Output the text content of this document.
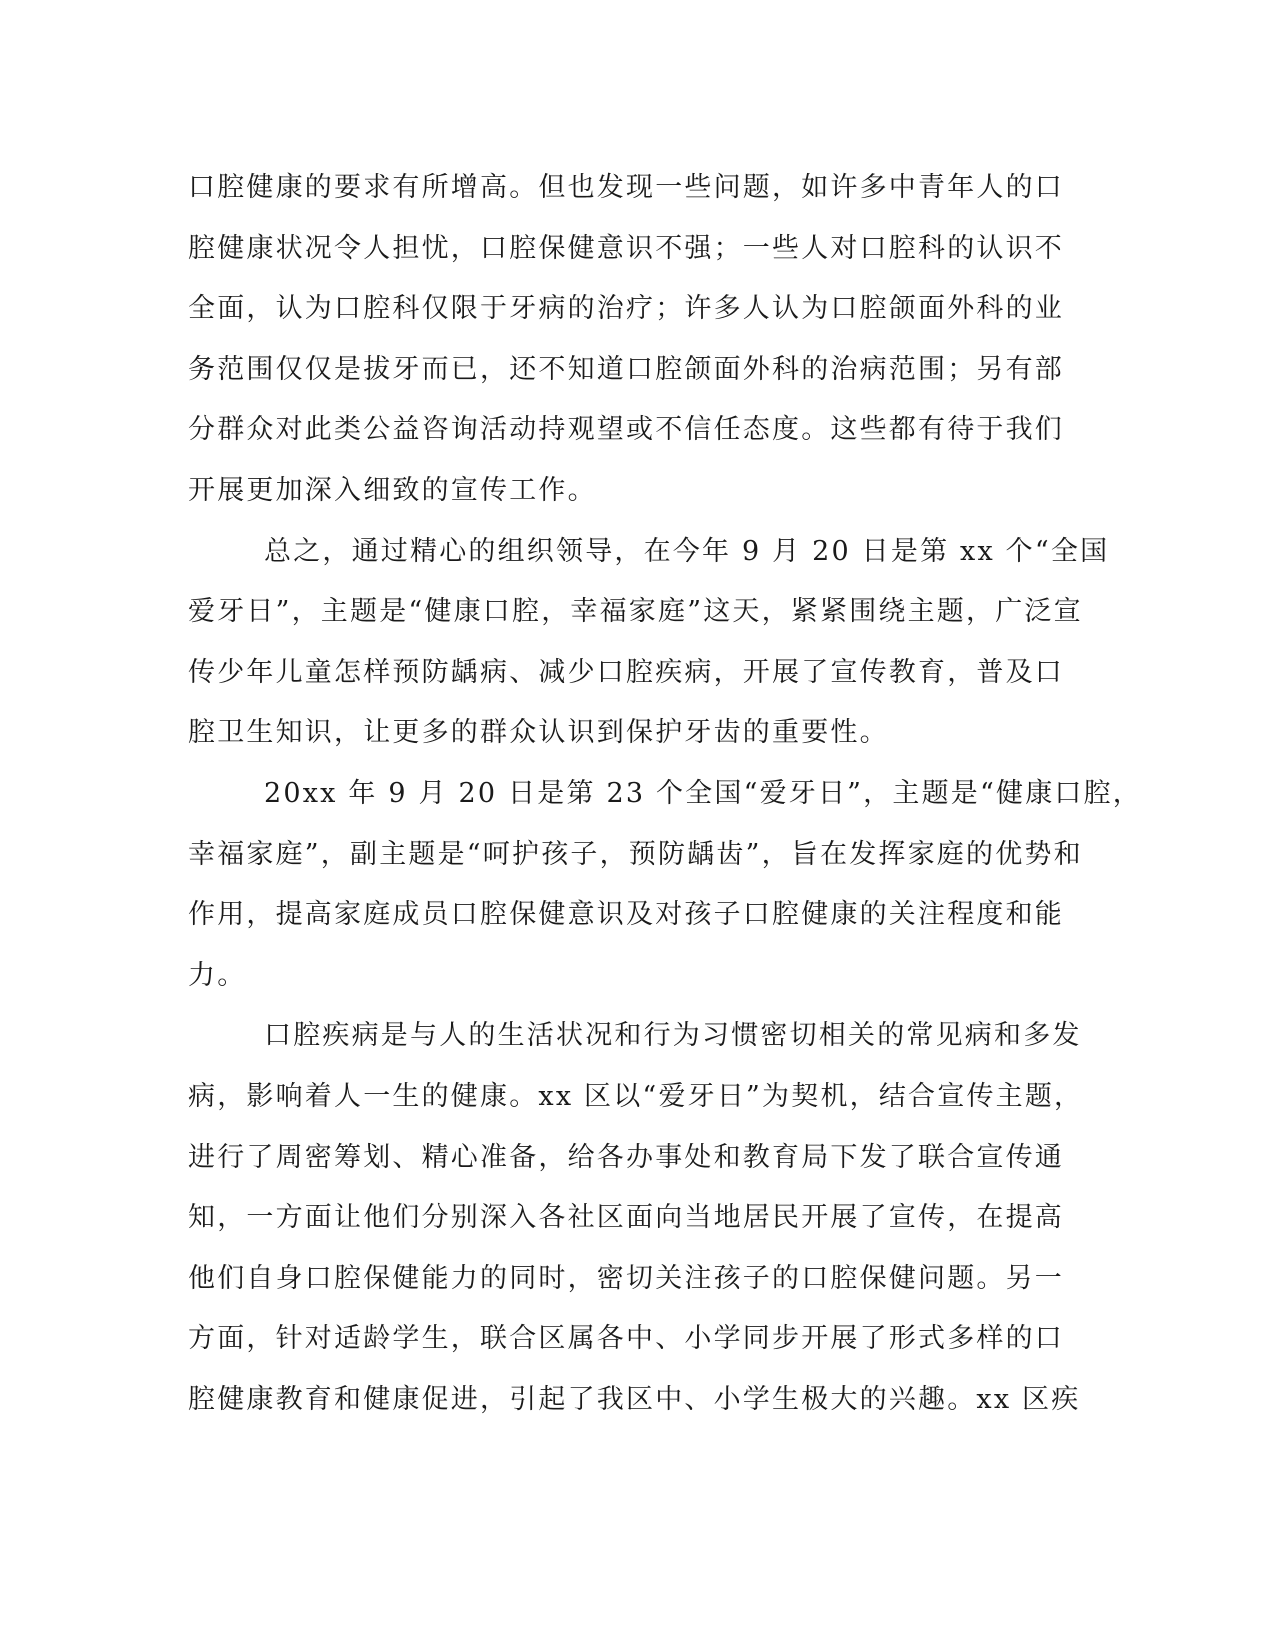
口腔健康的要求有所增高。但也发现一些问题，如许多中青年人的口
腔健康状况令人担忧，口腔保健意识不强；一些人对口腔科的认识不
全面，认为口腔科仅限于牙病的治疗；许多人认为口腔颌面外科的业
务范围仅仅是拔牙而已，还不知道口腔颌面外科的治病范围；另有部
分群众对此类公益咨询活动持观望或不信任态度。这些都有待于我们
开展更加深入细致的宣传工作。

总之，通过精心的组织领导，在今年 9 月 20 日是第 xx 个“全国
爱牙日”，主题是“健康口腔，幸福家庭”这天，紧紧围绕主题，广泛宣
传少年儿童怎样预防龋病、减少口腔疾病，开展了宣传教育，普及口
腔卫生知识，让更多的群众认识到保护牙齿的重要性。

20xx 年 9 月 20 日是第 23 个全国“爱牙日”，主题是“健康口腔，
幸福家庭”，副主题是“呵护孩子，预防龋齿”，旨在发挥家庭的优势和
作用，提高家庭成员口腔保健意识及对孩子口腔健康的关注程度和能
力。

口腔疾病是与人的生活状况和行为习惯密切相关的常见病和多发
病，影响着人一生的健康。xx 区以“爱牙日”为契机，结合宣传主题，
进行了周密筹划、精心准备，给各办事处和教育局下发了联合宣传通
知，一方面让他们分别深入各社区面向当地居民开展了宣传，在提高
他们自身口腔保健能力的同时，密切关注孩子的口腔保健问题。另一
方面，针对适龄学生，联合区属各中、小学同步开展了形式多样的口
腔健康教育和健康促进，引起了我区中、小学生极大的兴趣。xx 区疾
